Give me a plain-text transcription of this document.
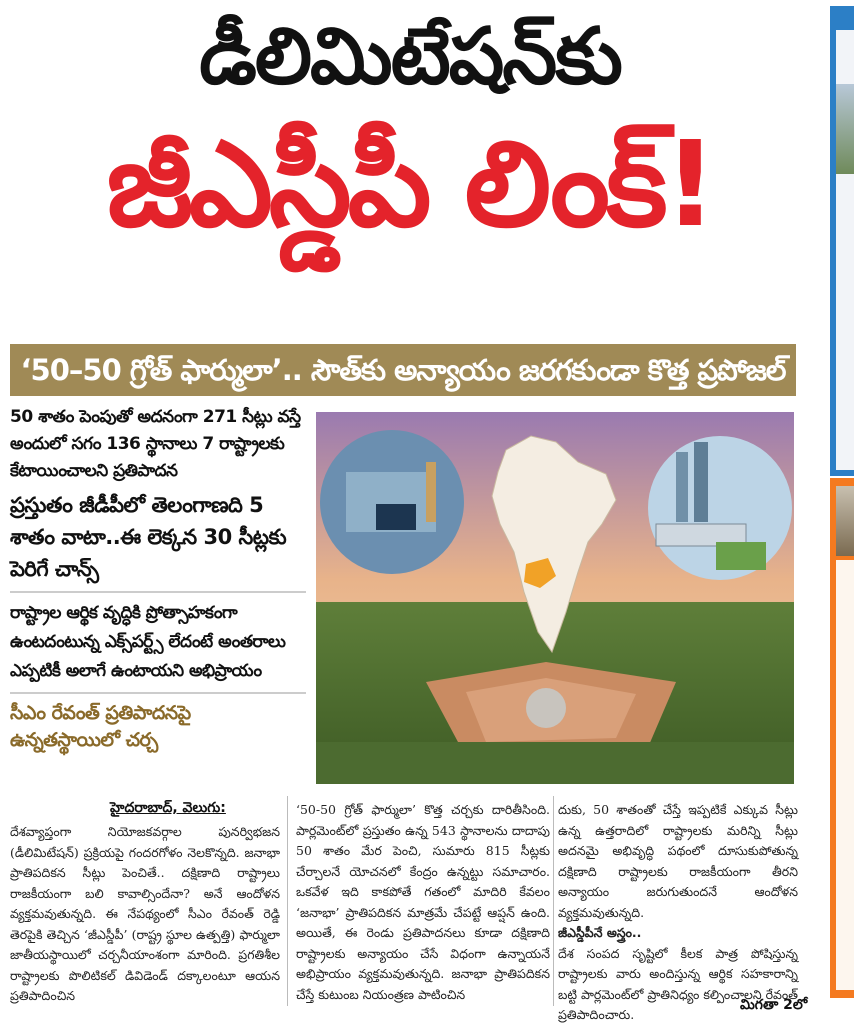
డీలిమిటేషన్‌కు
జీఎస్డీపీ లింక్!
‘50–50 గ్రోత్ ఫార్ములా’.. సౌత్‌కు అన్యాయం జరగకుండా కొత్త ప్రపోజల్
50 శాతం పెంపుతో అదనంగా 271 సీట్లు వస్తే అందులో సగం 136 స్థానాలు 7 రాష్ట్రాలకు కేటాయించాలని ప్రతిపాదన
ప్రస్తుతం జీడీపీలో తెలంగాణది 5 శాతం వాటా..ఈ లెక్కన 30 సీట్లకు పెరిగే చాన్స్
రాష్ట్రాల ఆర్థిక వృద్ధికి ప్రోత్సాహకంగా ఉంటదంటున్న ఎక్స్‌పర్ట్స్ లేదంటే అంతరాలు ఎప్పటికీ అలాగే ఉంటాయని అభిప్రాయం
సీఎం రేవంత్ ప్రతిపాదనపై ఉన్నతస్థాయిలో చర్చ
హైదరాబాద్, వెలుగు:
దేశవ్యాప్తంగా నియోజకవర్గాల పునర్విభజన (డీలిమిటేషన్) ప్రక్రియపై గందరగోళం నెలకొన్నది. జనాభా ప్రాతిపదికన సీట్లు పెంచితే.. దక్షిణాది రాష్ట్రాలు రాజకీయంగా బలి కావాల్సిందేనా? అనే ఆందోళన వ్యక్తమవుతున్నది. ఈ నేపథ్యంలో సీఎం రేవంత్ రెడ్డి తెరపైకి తెచ్చిన ‘జీఎస్డీపీ’ (రాష్ట్ర స్థూల ఉత్పత్తి) ఫార్ములా జాతీయస్థాయిలో చర్చనీయాంశంగా మారింది. ప్రగతిశీల రాష్ట్రాలకు పొలిటికల్ డివిడెండ్ దక్కాలంటూ ఆయన ప్రతిపాదించిన
‘50-50 గ్రోత్ ఫార్ములా’ కొత్త చర్చకు దారితీసింది. పార్లమెంట్‌లో ప్రస్తుతం ఉన్న 543 స్థానాలను దాదాపు 50 శాతం మేర పెంచి, సుమారు 815 సీట్లకు చేర్చాలనే యోచనలో కేంద్రం ఉన్నట్టు సమాచారం. ఒకవేళ ఇది కాకపోతే గతంలో మాదిరి కేవలం ‘జనాభా’ ప్రాతిపదికన మాత్రమే చేపట్టే ఆప్షన్ ఉంది. అయితే, ఈ రెండు ప్రతిపాదనలు కూడా దక్షిణాది రాష్ట్రాలకు అన్యాయం చేసే విధంగా ఉన్నాయనే అభిప్రాయం వ్యక్తమవుతున్నది. జనాభా ప్రాతిపదికన చేస్తే కుటుంబ నియంత్రణ పాటించిన
దుకు, 50 శాతంతో చేస్తే ఇప్పటికే ఎక్కువ సీట్లు ఉన్న ఉత్తరాదిలో రాష్ట్రాలకు మరిన్ని సీట్లు అదనమై అభివృద్ధి పథంలో దూసుకుపోతున్న దక్షిణాది రాష్ట్రాలకు రాజకీయంగా తీరని అన్యాయం జరుగుతుందనే ఆందోళన వ్యక్తమవుతున్నది.
జీఎస్డీపీనే అస్త్రం..
దేశ సంపద సృష్టిలో కీలక పాత్ర పోషిస్తున్న రాష్ట్రాలకు వారు అందిస్తున్న ఆర్థిక సహకారాన్ని బట్టి పార్లమెంట్‌లో ప్రాతినిధ్యం కల్పించాలని రేవంత్ ప్రతిపాదించారు.
మిగతా 2లో
